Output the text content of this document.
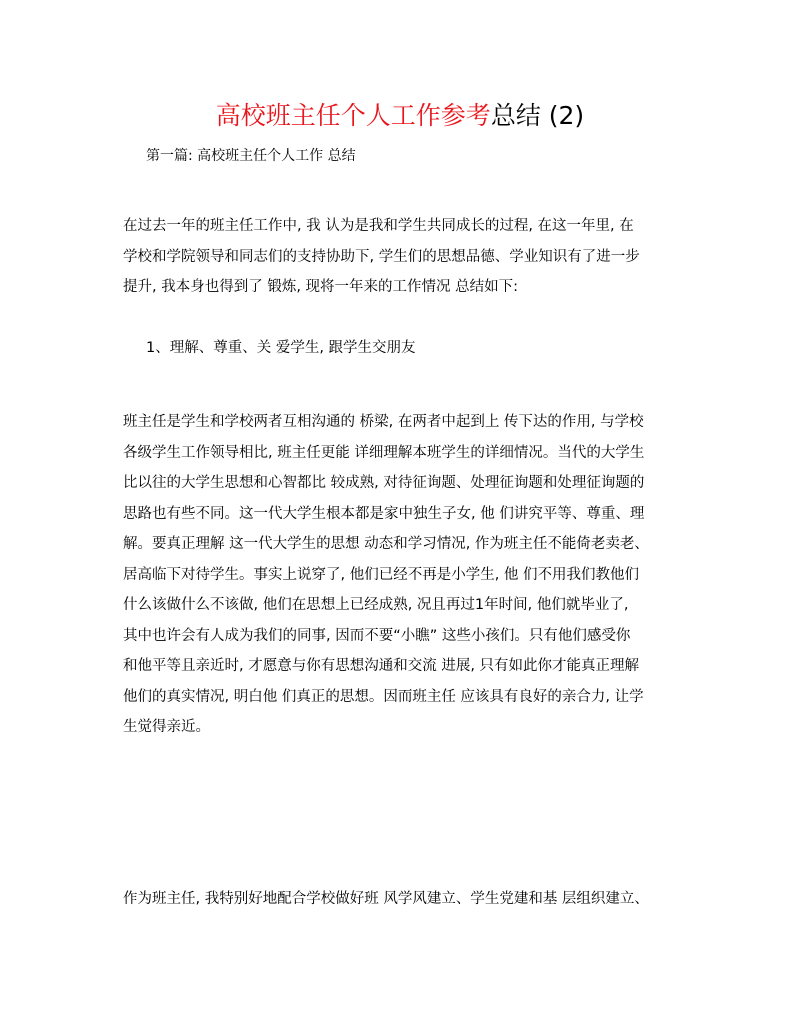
高校班主任个人工作参考总结 (2)
第一篇: 高校班主任个人工作 总结
在过去一年的班主任工作中, 我 认为是我和学生共同成长的过程, 在这一年里, 在
学校和学院领导和同志们的支持协助下, 学生们的思想品德、学业知识有了进一步
提升, 我本身也得到了 锻炼, 现将一年来的工作情况 总结如下:
1、理解、尊重、关 爱学生, 跟学生交朋友
班主任是学生和学校两者互相沟通的 桥梁, 在两者中起到上 传下达的作用, 与学校
各级学生工作领导相比, 班主任更能 详细理解本班学生的详细情况。当代的大学生
比以往的大学生思想和心智都比 较成熟, 对待征询题、处理征询题和处理征询题的
思路也有些不同。这一代大学生根本都是家中独生子女, 他 们讲究平等、尊重、理
解。要真正理解 这一代大学生的思想 动态和学习情况, 作为班主任不能倚老卖老、
居高临下对待学生。事实上说穿了, 他们已经不再是小学生, 他 们不用我们教他们
什么该做什么不该做, 他们在思想上已经成熟, 况且再过1年时间, 他们就毕业了,
其中也许会有人成为我们的同事, 因而不要“小瞧” 这些小孩们。只有他们感受你
和他平等且亲近时, 才愿意与你有思想沟通和交流 进展, 只有如此你才能真正理解
他们的真实情况, 明白他 们真正的思想。因而班主任 应该具有良好的亲合力, 让学
生觉得亲近。
作为班主任, 我特别好地配合学校做好班 风学风建立、学生党建和基 层组织建立、
